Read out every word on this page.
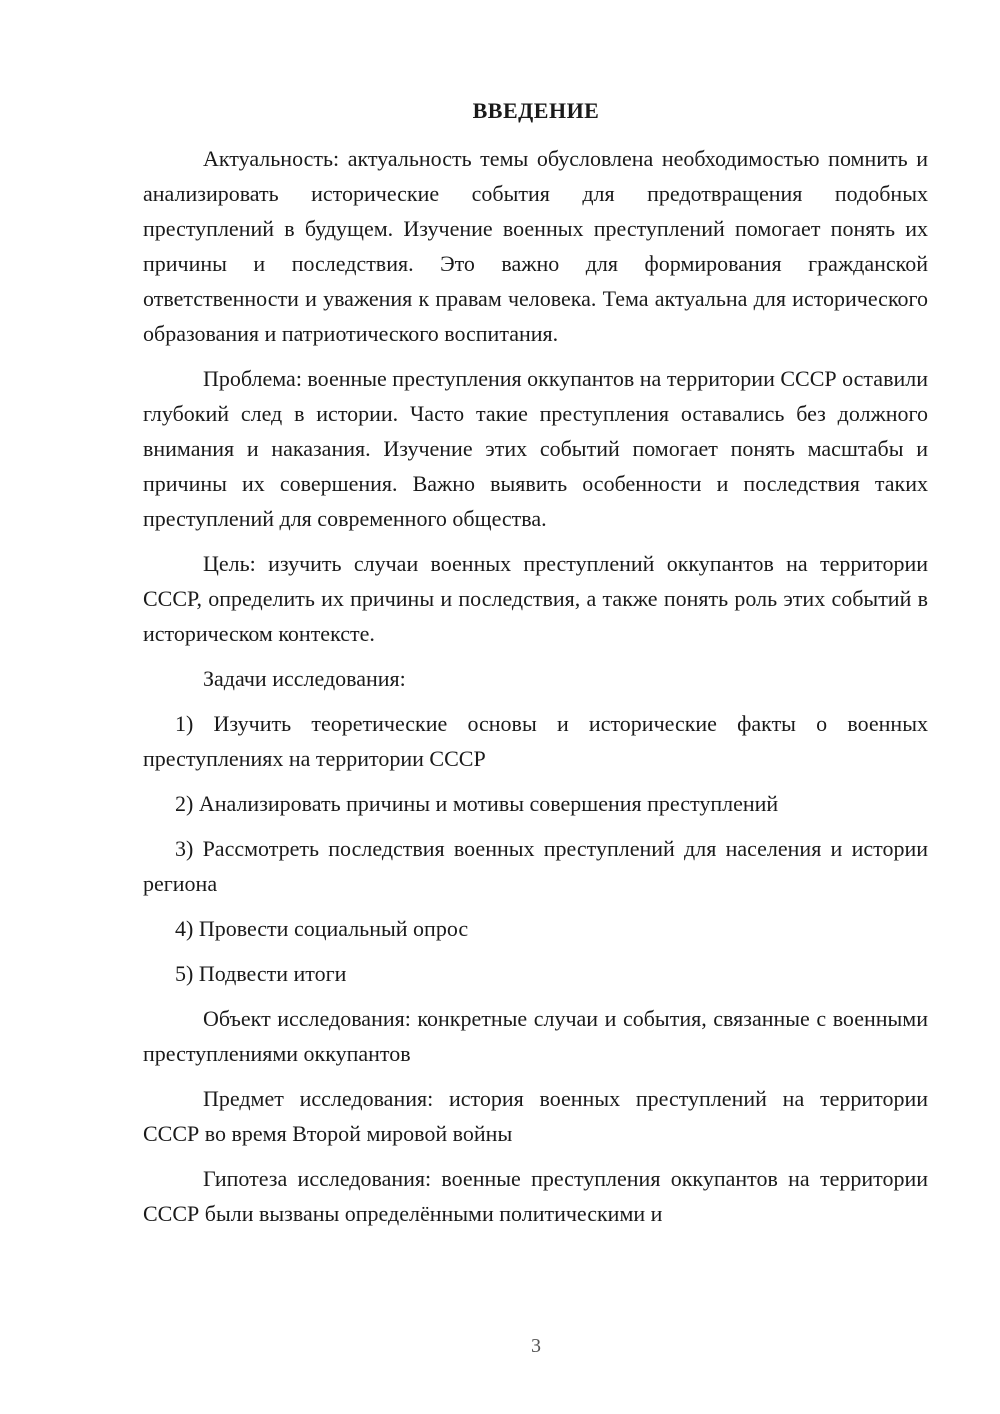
ВВЕДЕНИЕ

Актуальность: актуальность темы обусловлена необходимостью помнить и анализировать исторические события для предотвращения подобных преступлений в будущем. Изучение военных преступлений помогает понять их причины и последствия. Это важно для формирования гражданской ответственности и уважения к правам человека. Тема актуальна для исторического образования и патриотического воспитания.

Проблема: военные преступления оккупантов на территории СССР оставили глубокий след в истории. Часто такие преступления оставались без должного внимания и наказания. Изучение этих событий помогает понять масштабы и причины их совершения. Важно выявить особенности и последствия таких преступлений для современного общества.

Цель: изучить случаи военных преступлений оккупантов на территории СССР, определить их причины и последствия, а также понять роль этих событий в историческом контексте.

Задачи исследования:

1) Изучить теоретические основы и исторические факты о военных преступлениях на территории СССР

2) Анализировать причины и мотивы совершения преступлений

3) Рассмотреть последствия военных преступлений для населения и истории региона

4) Провести социальный опрос

5) Подвести итоги

Объект исследования: конкретные случаи и события, связанные с военными преступлениями оккупантов

Предмет исследования: история военных преступлений на территории СССР во время Второй мировой войны

Гипотеза исследования: военные преступления оккупантов на территории СССР были вызваны определёнными политическими и

3
